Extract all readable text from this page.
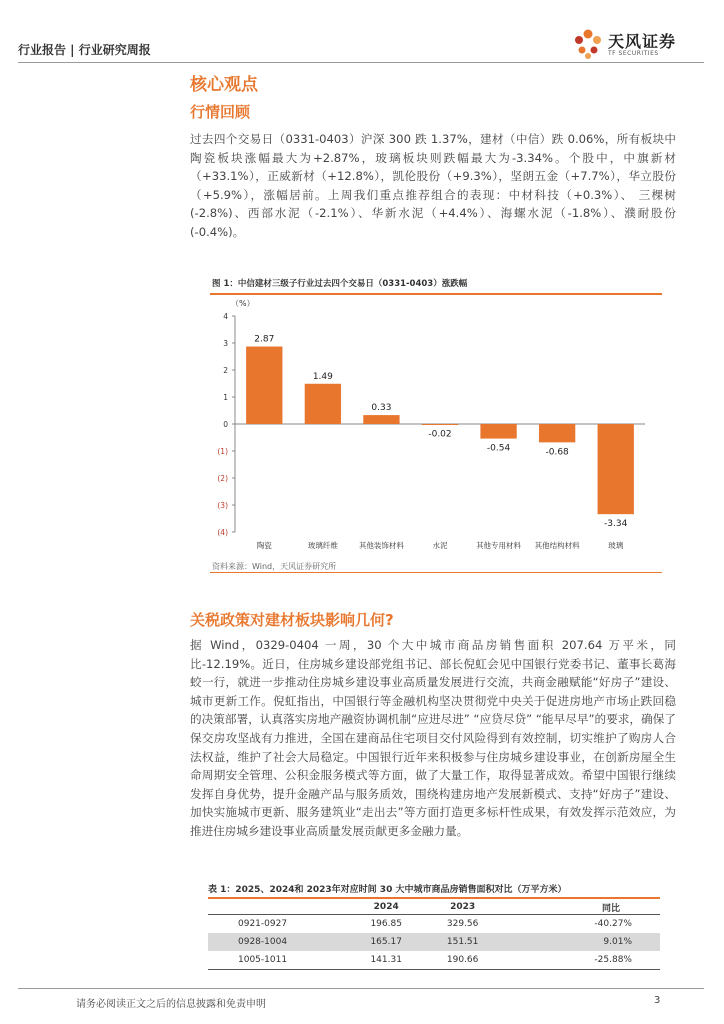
行业报告 | 行业研究周报	天风证券
TF SECURITIES
核心观点
行情回顾
过去四个交易日（0331-0403）沪深 300 跌 1.37%，建材（中信）跌 0.06%，所有板块中陶瓷板块涨幅最大为+2.87%，玻璃板块则跌幅最大为-3.34%。个股中，中旗新材（+33.1%），正威新材（+12.8%），凯伦股份（+9.3%），坚朗五金（+7.7%），华立股份（+5.9%），涨幅居前。上周我们重点推荐组合的表现：中材科技（+0.3%）、 三棵树(-2.8%)、西部水泥（-2.1%）、华新水泥（+4.4%）、海螺水泥（-1.8%）、濮耐股份(-0.4%)。
图 1：中信建材三级子行业过去四个交易日（0331-0403）涨跌幅
（%）
4
3
2
1
0
(1)
(2)
(3)
(4)
2.87
陶瓷
1.49
玻璃纤维
0.33
其他装饰材料
-0.02
水泥
-0.54
其他专用材料
-0.68
其他结构材料
-3.34
玻璃
资料来源：Wind，天风证券研究所
关税政策对建材板块影响几何?
据 Wind，0329-0404 一周，30 个大中城市商品房销售面积 207.64 万平米，同比-12.19%。近日，住房城乡建设部党组书记、部长倪虹会见中国银行党委书记、董事长葛海蛟一行，就进一步推动住房城乡建设事业高质量发展进行交流，共商金融赋能“好房子”建设、城市更新工作。倪虹指出，中国银行等金融机构坚决贯彻党中央关于促进房地产市场止跌回稳的决策部署，认真落实房地产融资协调机制“应进尽进” “应贷尽贷” “能早尽早”的要求，确保了保交房攻坚战有力推进，全国在建商品住宅项目交付风险得到有效控制，切实维护了购房人合法权益，维护了社会大局稳定。中国银行近年来积极参与住房城乡建设事业，在创新房屋全生命周期安全管理、公积金服务模式等方面，做了大量工作，取得显著成效。希望中国银行继续发挥自身优势，提升金融产品与服务质效，围绕构建房地产发展新模式、支持“好房子”建设、加快实施城市更新、服务建筑业“走出去”等方面打造更多标杆性成果，有效发挥示范效应，为推进住房城乡建设事业高质量发展贡献更多金融力量。
表 1：2025、2024和 2023年对应时间 30 大中城市商品房销售面积对比（万平方米）
	2024	2023	同比
0921-0927	196.85	329.56	-40.27%
0928-1004	165.17	151.51	9.01%
1005-1011	141.31	190.66	-25.88%
请务必阅读正文之后的信息披露和免责申明	3
